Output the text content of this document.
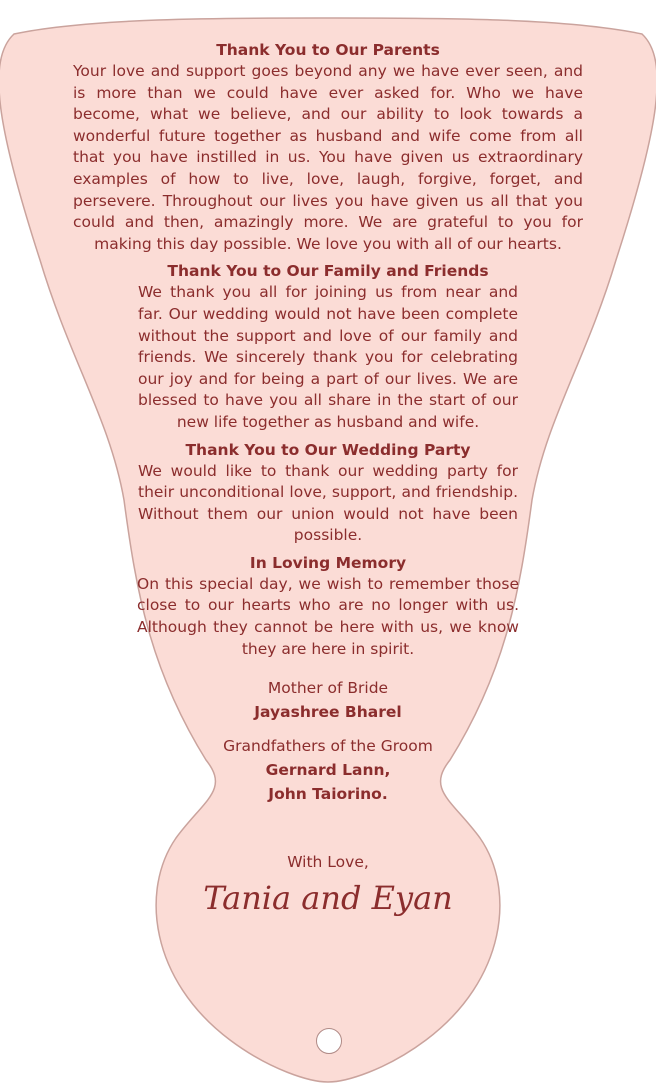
Thank You to Our Parents

Your love and support goes beyond any we have ever seen, and is more than we could have ever asked for. Who we have become, what we believe, and our ability to look towards a wonderful future together as husband and wife come from all that you have instilled in us. You have given us extraordinary examples of how to live, love, laugh, forgive, forget, and persevere. Throughout our lives you have given us all that you could and then, amazingly more. We are grateful to you for making this day possible. We love you with all of our hearts.

Thank You to Our Family and Friends

We thank you all for joining us from near and far. Our wedding would not have been complete without the support and love of our family and friends. We sincerely thank you for celebrating our joy and for being a part of our lives. We are blessed to have you all share in the start of our new life together as husband and wife.

Thank You to Our Wedding Party

We would like to thank our wedding party for their unconditional love, support, and friendship. Without them our union would not have been possible.

In Loving Memory

On this special day, we wish to remember those close to our hearts who are no longer with us. Although they cannot be here with us, we know they are here in spirit.

Mother of Bride

Jayashree Bharel

Grandfathers of the Groom

Gernard Lann,

John Taiorino.

With Love,

Tania and Eyan
